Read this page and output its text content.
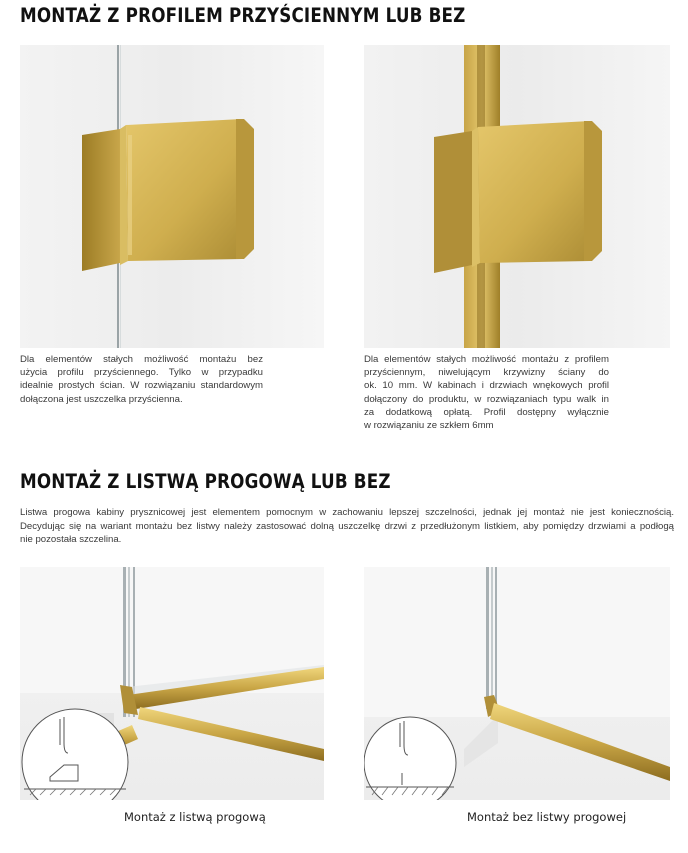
MONTAŻ Z PROFILEM PRZYŚCIENNYM LUB BEZ
Dla elementów stałych możliwość montażu bez
użycia profilu przyściennego. Tylko w przypadku
idealnie prostych ścian. W rozwiązaniu standardowym
dołączona jest uszczelka przyścienna.
Dla elementów stałych możliwość montażu z profilem
przyściennym, niwelującym krzywizny ściany do
ok. 10 mm. W kabinach i drzwiach wnękowych profil
dołączony do produktu, w rozwiązaniach typu walk in
za dodatkową opłatą. Profil dostępny wyłącznie
w rozwiązaniu ze szkłem 6mm
MONTAŻ Z LISTWĄ PROGOWĄ LUB BEZ
Listwa progowa kabiny prysznicowej jest elementem pomocnym w zachowaniu lepszej szczelności, jednak jej montaż nie jest koniecznością.
Decydując się na wariant montażu bez listwy należy zastosować dolną uszczelkę drzwi z przedłużonym listkiem, aby pomiędzy drzwiami a podłogą
nie pozostała szczelina.
Montaż z listwą progową	Montaż bez listwy progowej
